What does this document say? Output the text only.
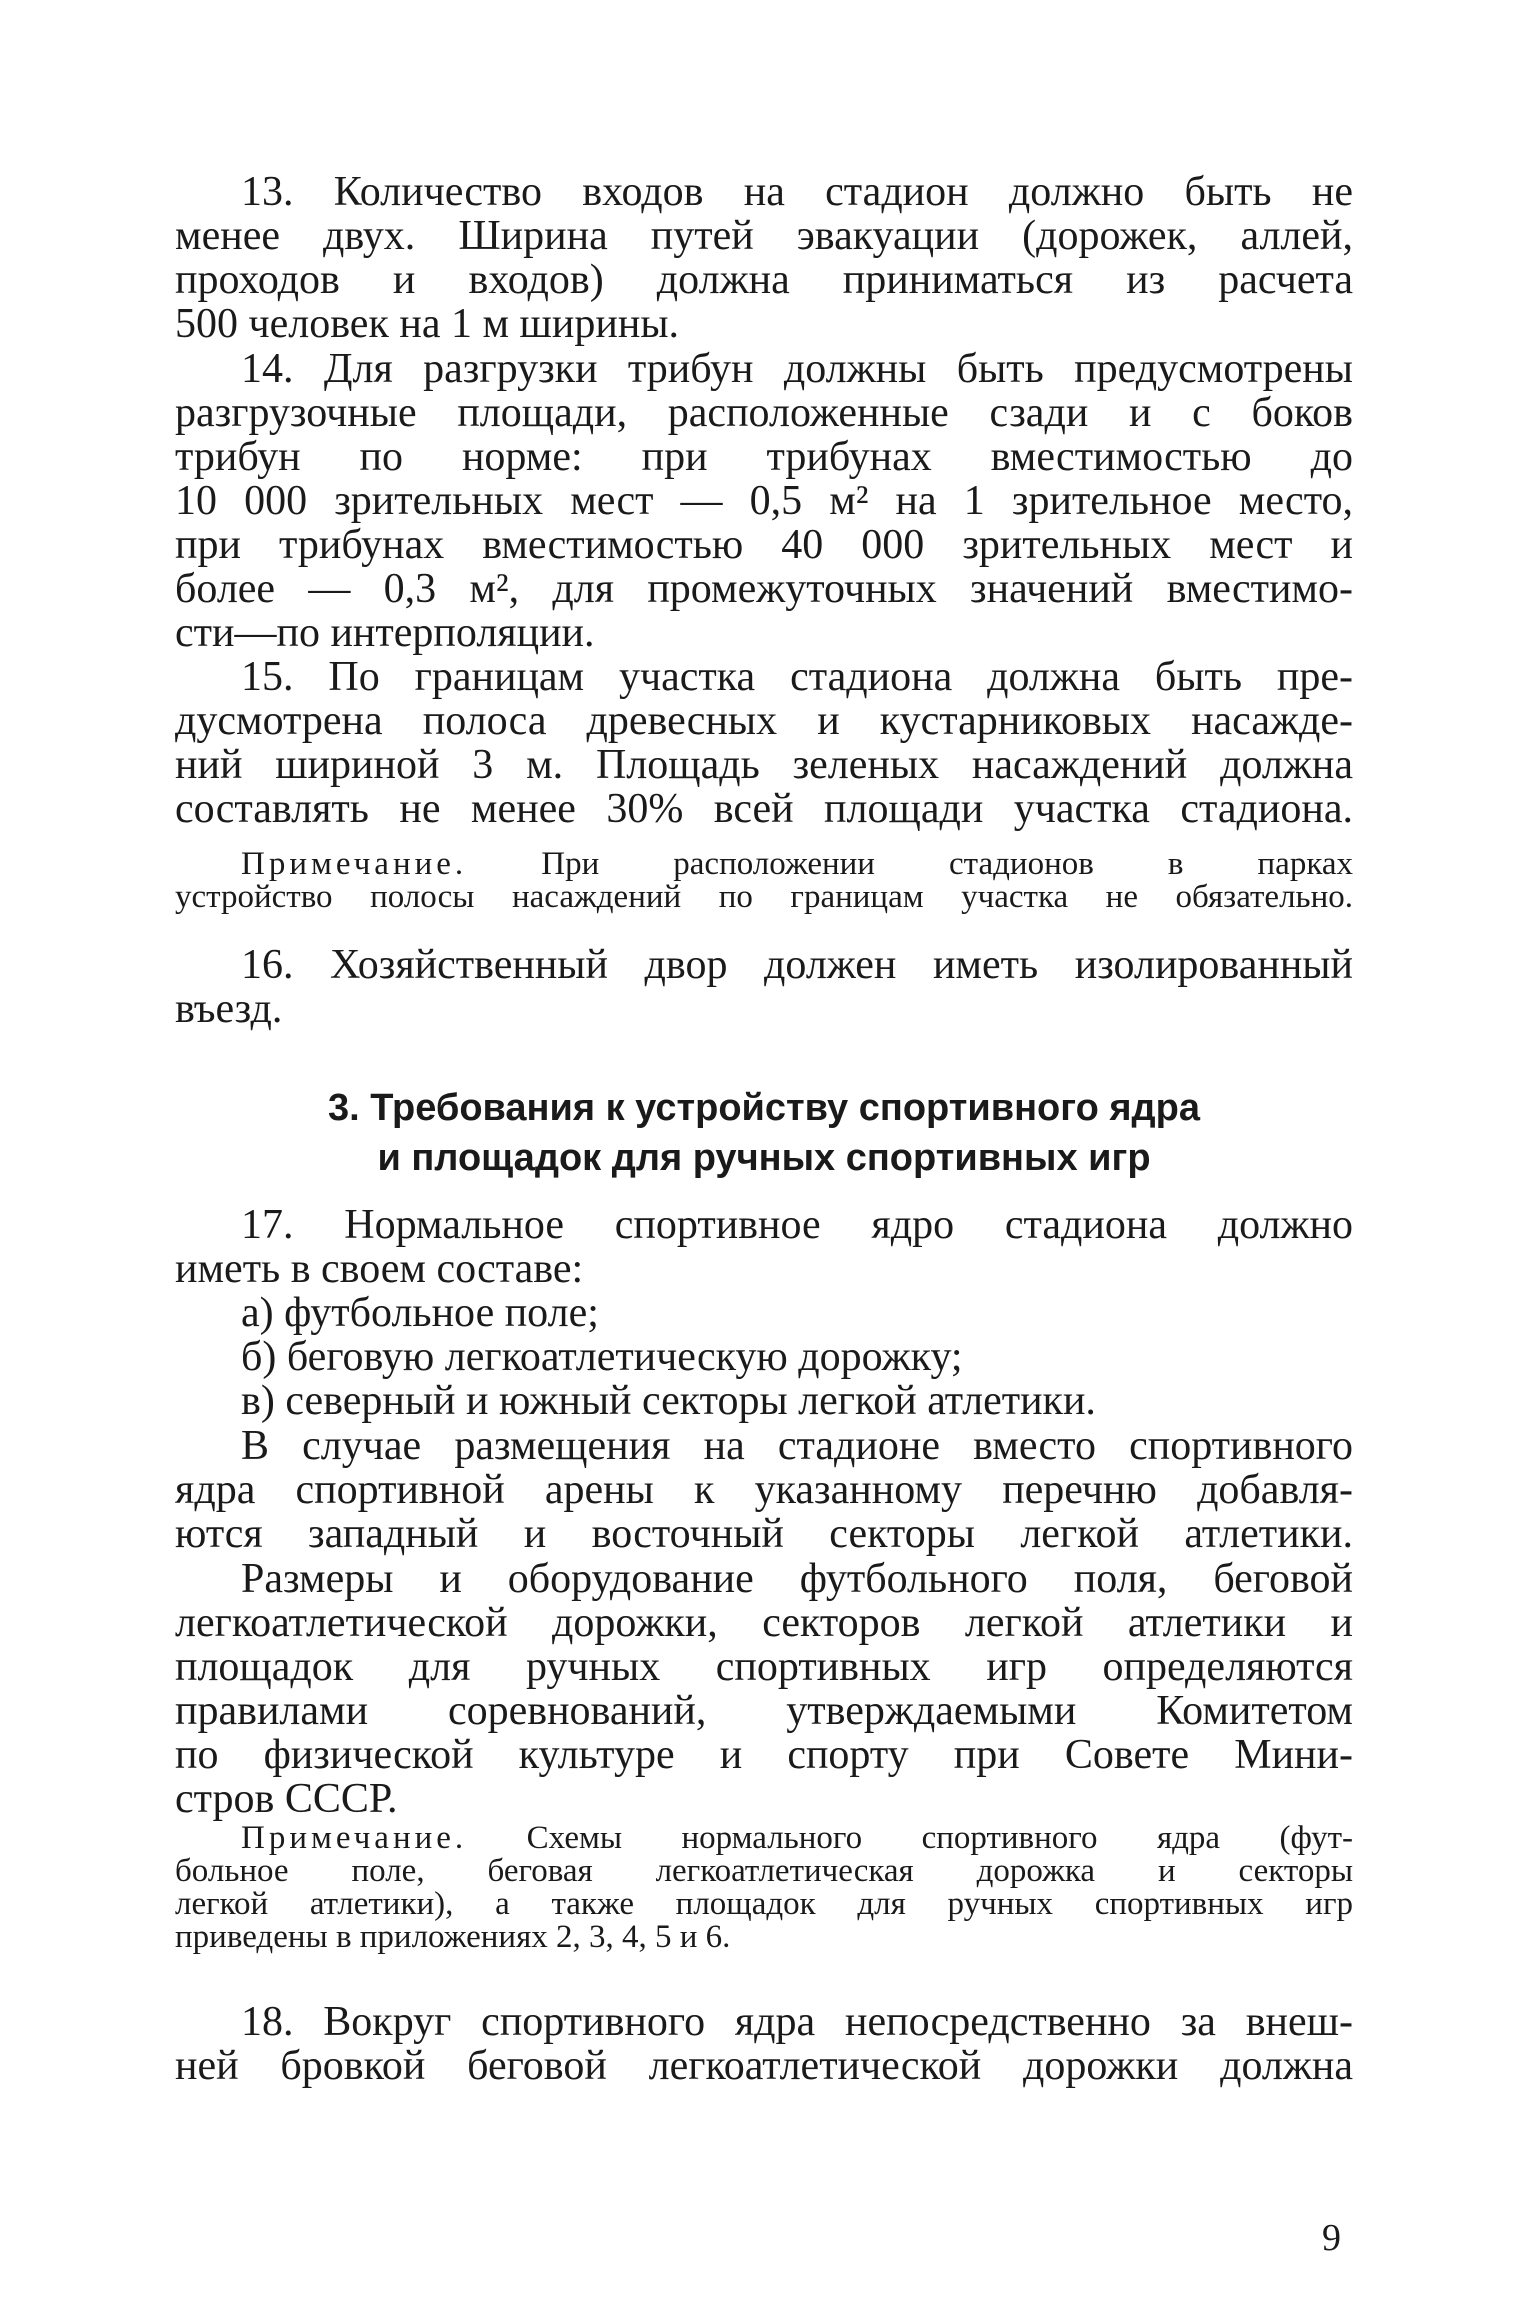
13. Количество входов на стадион должно быть не

менее двух. Ширина путей эвакуации (дорожек, аллей,

проходов и входов) должна приниматься из расчета

500 человек на 1 м ширины.

14. Для разгрузки трибун должны быть предусмотрены

разгрузочные площади, расположенные сзади и с боков

трибун по норме: при трибунах вместимостью до

10 000 зрительных мест — 0,5 м² на 1 зрительное место,

при трибунах вместимостью 40 000 зрительных мест и

более — 0,3 м², для промежуточных значений вместимо-

сти—по интерполяции.

15. По границам участка стадиона должна быть пре-

дусмотрена полоса древесных и кустарниковых насажде-

ний шириной 3 м. Площадь зеленых насаждений должна

составлять не менее 30% всей площади участка стадиона.

Примечание. При расположении стадионов в парках

устройство полосы насаждений по границам участка не обязательно.

16. Хозяйственный двор должен иметь изолированный

въезд.

3. Требования к устройству спортивного ядра
и площадок для ручных спортивных игр

17. Нормальное спортивное ядро стадиона должно

иметь в своем составе:

а) футбольное поле;

б) беговую легкоатлетическую дорожку;

в) северный и южный секторы легкой атлетики.

В случае размещения на стадионе вместо спортивного

ядра спортивной арены к указанному перечню добавля-

ются западный и восточный секторы легкой атлетики.

Размеры и оборудование футбольного поля, беговой

легкоатлетической дорожки, секторов легкой атлетики и

площадок для ручных спортивных игр определяются

правилами соревнований, утверждаемыми Комитетом

по физической культуре и спорту при Совете Мини-

стров СССР.

Примечание. Схемы нормального спортивного ядра (фут-

больное поле, беговая легкоатлетическая дорожка и секторы

легкой атлетики), а также площадок для ручных спортивных игр

приведены в приложениях 2, 3, 4, 5 и 6.

18. Вокруг спортивного ядра непосредственно за внеш-

ней бровкой беговой легкоатлетической дорожки должна

9
